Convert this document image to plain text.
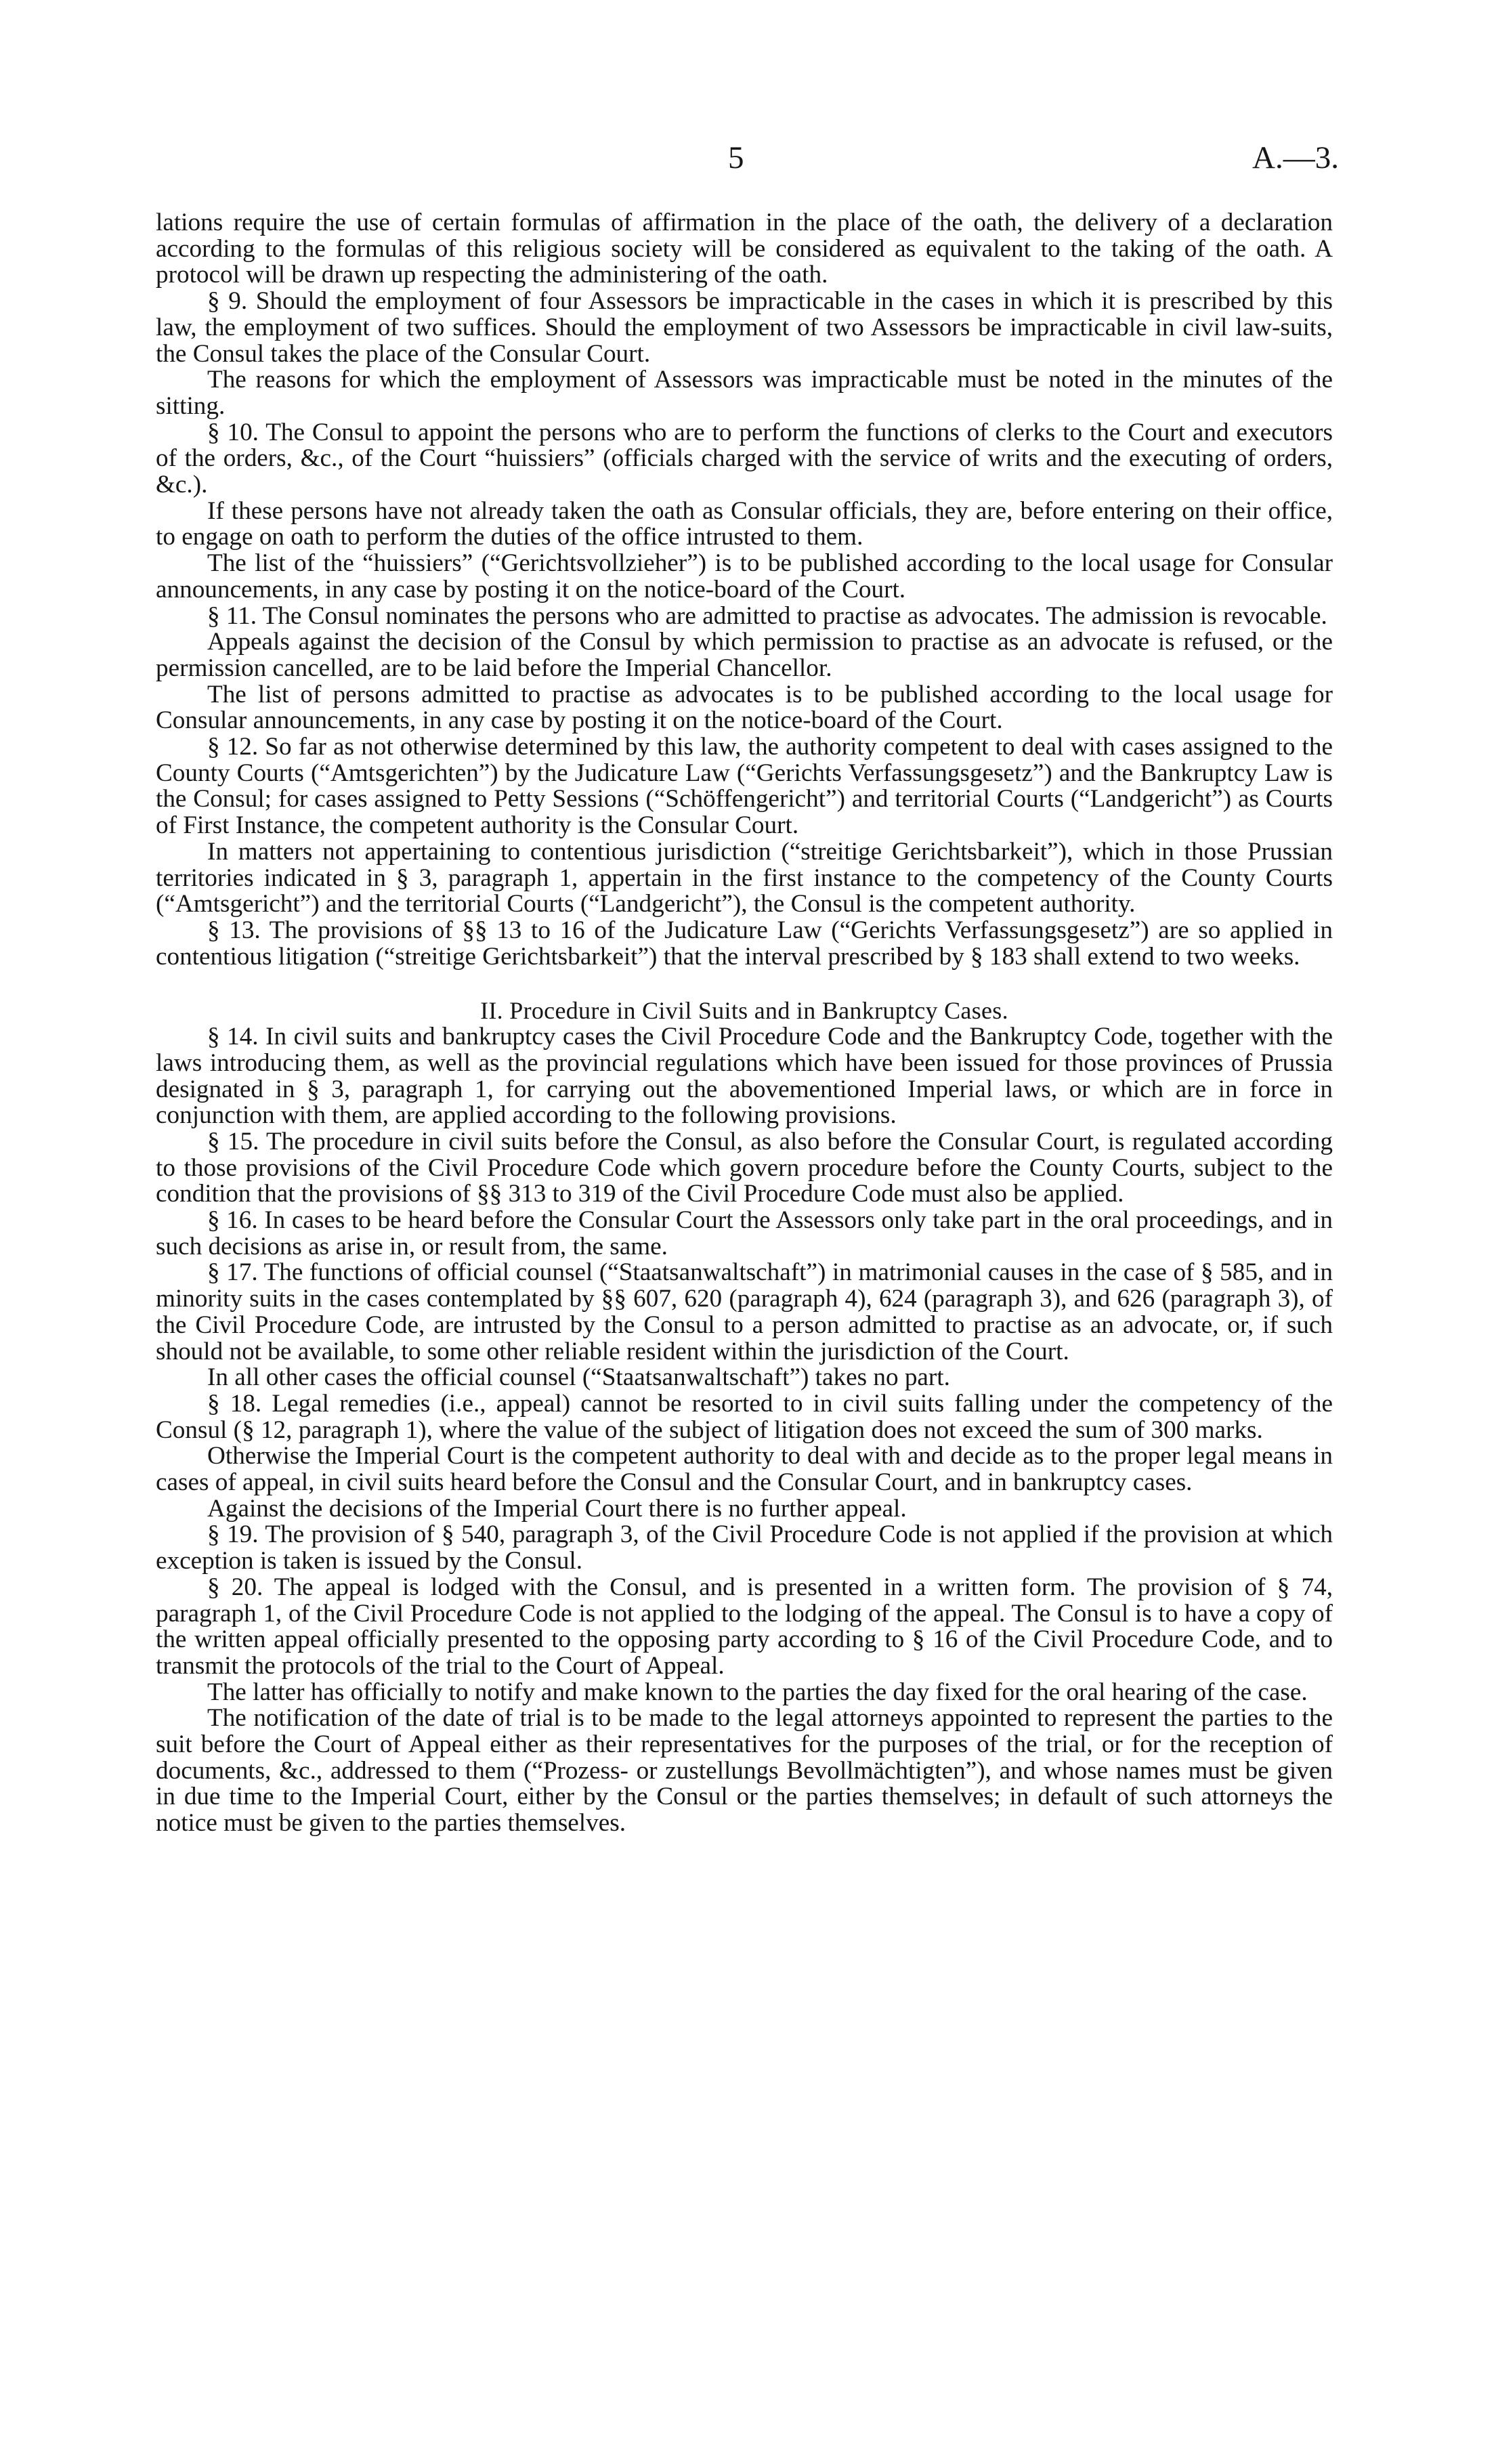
5	A.—3.

lations require the use of certain formulas of affirmation in the place of the oath, the delivery of a declaration according to the formulas of this religious society will be considered as equivalent to the taking of the oath. A protocol will be drawn up respecting the administering of the oath.

§ 9. Should the employment of four Assessors be impracticable in the cases in which it is prescribed by this law, the employment of two suffices. Should the employment of two Assessors be impracticable in civil law-suits, the Consul takes the place of the Consular Court.

The reasons for which the employment of Assessors was impracticable must be noted in the minutes of the sitting.

§ 10. The Consul to appoint the persons who are to perform the functions of clerks to the Court and executors of the orders, &c., of the Court “huissiers” (officials charged with the service of writs and the executing of orders, &c.).

If these persons have not already taken the oath as Consular officials, they are, before entering on their office, to engage on oath to perform the duties of the office intrusted to them.

The list of the “huissiers” (“Gerichtsvollzieher”) is to be published according to the local usage for Consular announcements, in any case by posting it on the notice-board of the Court.

§ 11. The Consul nominates the persons who are admitted to practise as advocates. The admission is revocable.

Appeals against the decision of the Consul by which permission to practise as an advocate is refused, or the permission cancelled, are to be laid before the Imperial Chancellor.

The list of persons admitted to practise as advocates is to be published according to the local usage for Consular announcements, in any case by posting it on the notice-board of the Court.

§ 12. So far as not otherwise determined by this law, the authority competent to deal with cases assigned to the County Courts (“Amtsgerichten”) by the Judicature Law (“Gerichts Verfassungsgesetz”) and the Bankruptcy Law is the Consul; for cases assigned to Petty Sessions (“Schöffengericht”) and territorial Courts (“Landgericht”) as Courts of First Instance, the competent authority is the Consular Court.

In matters not appertaining to contentious jurisdiction (“streitige Gerichtsbarkeit”), which in those Prussian territories indicated in § 3, paragraph 1, appertain in the first instance to the competency of the County Courts (“Amtsgericht”) and the territorial Courts (“Landgericht”), the Consul is the competent authority.

§ 13. The provisions of §§ 13 to 16 of the Judicature Law (“Gerichts Verfassungsgesetz”) are so applied in contentious litigation (“streitige Gerichtsbarkeit”) that the interval prescribed by § 183 shall extend to two weeks.

II. Procedure in Civil Suits and in Bankruptcy Cases.

§ 14. In civil suits and bankruptcy cases the Civil Procedure Code and the Bankruptcy Code, together with the laws introducing them, as well as the provincial regulations which have been issued for those provinces of Prussia designated in § 3, paragraph 1, for carrying out the abovementioned Imperial laws, or which are in force in conjunction with them, are applied according to the following provisions.

§ 15. The procedure in civil suits before the Consul, as also before the Consular Court, is regulated according to those provisions of the Civil Procedure Code which govern procedure before the County Courts, subject to the condition that the provisions of §§ 313 to 319 of the Civil Procedure Code must also be applied.

§ 16. In cases to be heard before the Consular Court the Assessors only take part in the oral proceedings, and in such decisions as arise in, or result from, the same.

§ 17. The functions of official counsel (“Staatsanwaltschaft”) in matrimonial causes in the case of § 585, and in minority suits in the cases contemplated by §§ 607, 620 (paragraph 4), 624 (paragraph 3), and 626 (paragraph 3), of the Civil Procedure Code, are intrusted by the Consul to a person admitted to practise as an advocate, or, if such should not be available, to some other reliable resident within the jurisdiction of the Court.

In all other cases the official counsel (“Staatsanwaltschaft”) takes no part.

§ 18. Legal remedies (i.e., appeal) cannot be resorted to in civil suits falling under the competency of the Consul (§ 12, paragraph 1), where the value of the subject of litigation does not exceed the sum of 300 marks.

Otherwise the Imperial Court is the competent authority to deal with and decide as to the proper legal means in cases of appeal, in civil suits heard before the Consul and the Consular Court, and in bankruptcy cases.

Against the decisions of the Imperial Court there is no further appeal.

§ 19. The provision of § 540, paragraph 3, of the Civil Procedure Code is not applied if the provision at which exception is taken is issued by the Consul.

§ 20. The appeal is lodged with the Consul, and is presented in a written form. The provision of § 74, paragraph 1, of the Civil Procedure Code is not applied to the lodging of the appeal. The Consul is to have a copy of the written appeal officially presented to the opposing party according to § 16 of the Civil Procedure Code, and to transmit the protocols of the trial to the Court of Appeal.

The latter has officially to notify and make known to the parties the day fixed for the oral hearing of the case.

The notification of the date of trial is to be made to the legal attorneys appointed to represent the parties to the suit before the Court of Appeal either as their representatives for the purposes of the trial, or for the reception of documents, &c., addressed to them (“Prozess- or zustellungs Bevollmächtigten”), and whose names must be given in due time to the Imperial Court, either by the Consul or the parties themselves; in default of such attorneys the notice must be given to the parties themselves.
